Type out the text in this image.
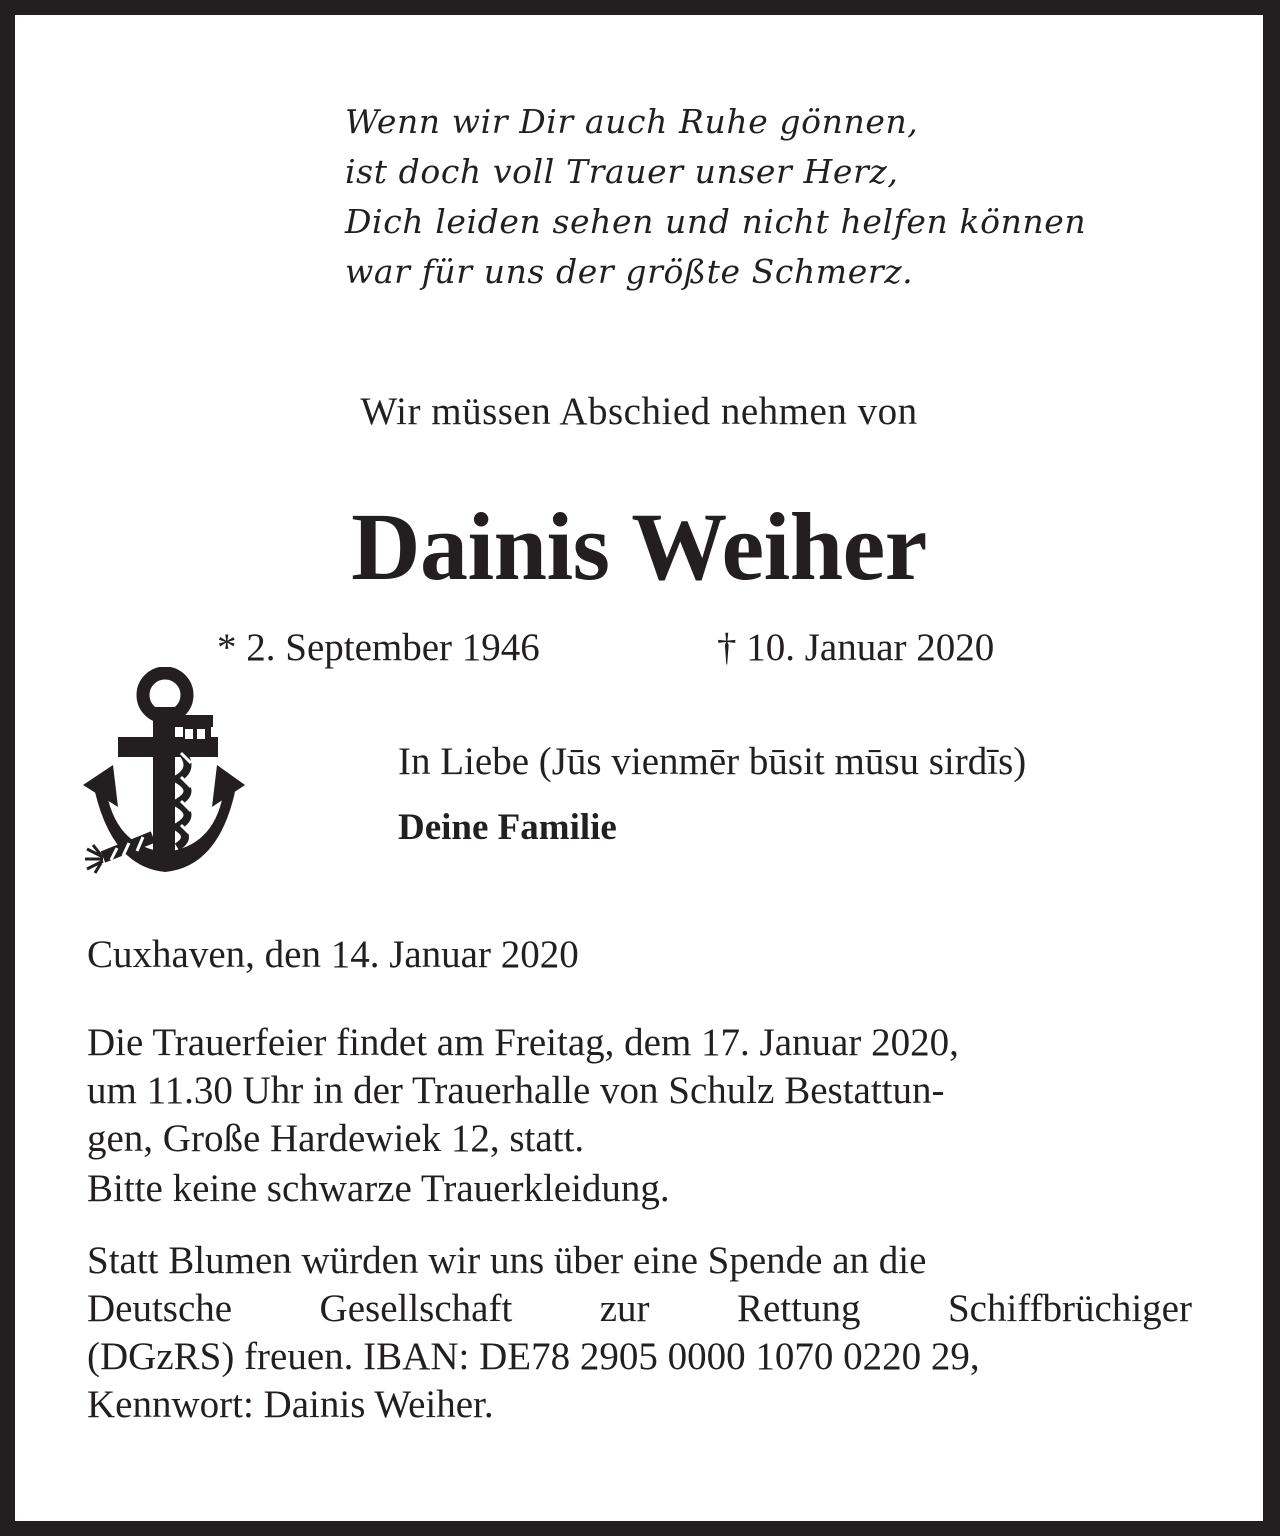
Wenn wir Dir auch Ruhe gönnen,
ist doch voll Trauer unser Herz,
Dich leiden sehen und nicht helfen können
war für uns der größte Schmerz.
Wir müssen Abschied nehmen von
Dainis Weiher
* 2. September 1946	† 10. Januar 2020
In Liebe (Jūs vienmēr būsit mūsu sirdīs)
Deine Familie
Cuxhaven, den 14. Januar 2020
Die Trauerfeier findet am Freitag, dem 17. Januar 2020,
um 11.30 Uhr in der Trauerhalle von Schulz Bestattun-
gen, Große Hardewiek 12, statt.
Bitte keine schwarze Trauerkleidung.
Statt Blumen würden wir uns über eine Spende an die
Deutsche Gesellschaft zur Rettung Schiffbrüchiger
(DGzRS) freuen. IBAN: DE78 2905 0000 1070 0220 29,
Kennwort: Dainis Weiher.
